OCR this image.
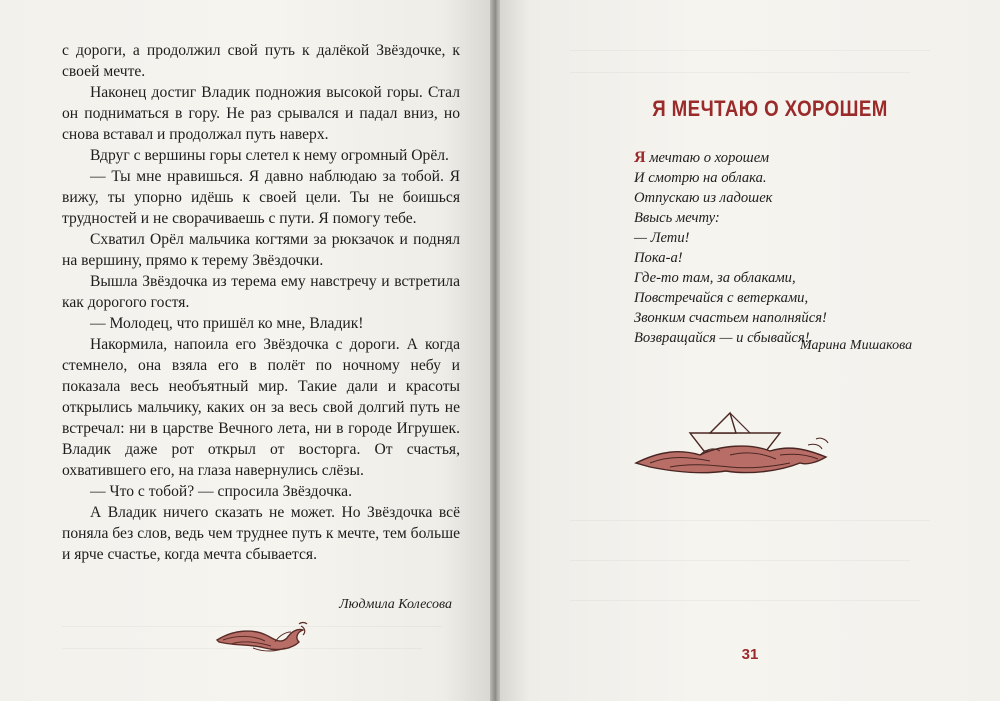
с дороги, а продолжил свой путь к далёкой Звёздочке, к своей мечте.

Наконец достиг Владик подножия высокой горы. Стал он подниматься в гору. Не раз срывался и падал вниз, но снова вставал и продолжал путь наверх.

Вдруг с вершины горы слетел к нему огромный Орёл.

— Ты мне нравишься. Я давно наблюдаю за тобой. Я вижу, ты упорно идёшь к своей цели. Ты не боишься трудностей и не сворачиваешь с пути. Я помогу тебе.

Схватил Орёл мальчика когтями за рюкзачок и поднял на вершину, прямо к терему Звёздочки.

Вышла Звёздочка из терема ему навстречу и встретила как дорогого гостя.

— Молодец, что пришёл ко мне, Владик!

Накормила, напоила его Звёздочка с дороги. А когда стемнело, она взяла его в полёт по ночному небу и показала весь необъятный мир. Такие дали и красоты открылись мальчику, каких он за весь свой долгий путь не встречал: ни в царстве Вечного лета, ни в городе Игрушек. Владик даже рот открыл от восторга. От счастья, охватившего его, на глаза навернулись слёзы.

— Что с тобой? — спросила Звёздочка.

А Владик ничего сказать не может. Но Звёздочка всё поняла без слов, ведь чем труднее путь к мечте, тем больше и ярче счастье, когда мечта сбывается.

Людмила Колесова
Я МЕЧТАЮ О ХОРОШЕМ
Я мечтаю о хорошем
И смотрю на облака.
Отпускаю из ладошек
Ввысь мечту:
— Лети!
Пока-а!
Где-то там, за облаками,
Повстречайся с ветерками,
Звонким счастьем наполняйся!
Возвращайся — и сбывайся!
Марина Мишакова
31
